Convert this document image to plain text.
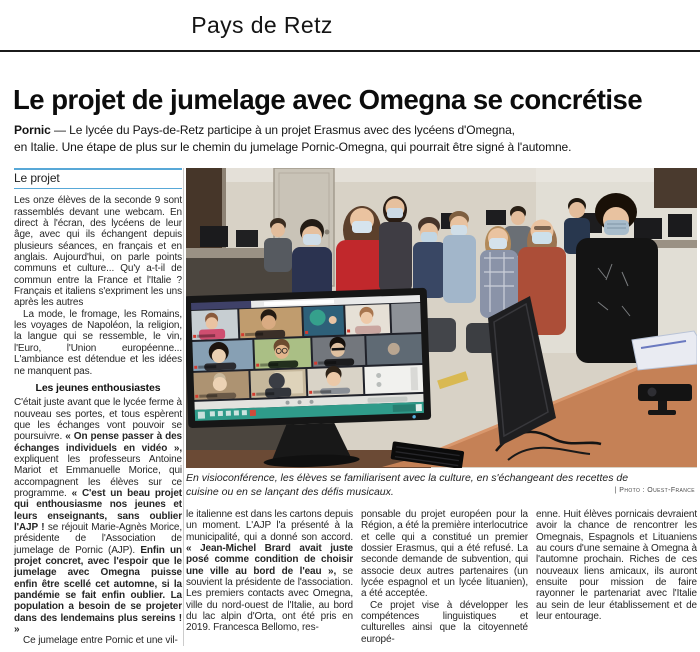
Pays de Retz
Le projet de jumelage avec Omegna se concrétise

Pornic — Le lycée du Pays-de-Retz participe à un projet Erasmus avec des lycéens d'Omegna,
en Italie. Une étape de plus sur le chemin du jumelage Pornic-Omegna, qui pourrait être signé à l'automne.

Le projet

Les onze élèves de la seconde 9 sont rassemblés devant une webcam. En direct à l'écran, des lycéens de leur âge, avec qui ils échangent depuis plusieurs séances, en français et en anglais. Aujourd'hui, on parle points communs et culture... Qu'y a-t-il de commun entre la France et l'Italie ? Français et italiens s'expriment les uns après les autres

La mode, le fromage, les Romains, les voyages de Napoléon, la religion, la langue qui se ressemble, le vin, l'Euro, l'Union européenne... L'ambiance est détendue et les idées ne manquent pas.

Les jeunes enthousiastes

C'était juste avant que le lycée ferme à nouveau ses portes, et tous espèrent que les échanges vont pouvoir se poursuivre. « On pense passer à des échanges individuels en vidéo », expliquent les professeurs Antoine Mariot et Emmanuelle Morice, qui accompagnent les élèves sur ce programme. « C'est un beau projet qui enthousiasme nos jeunes et leurs enseignants, sans oublier l'AJP ! se réjouit Marie-Agnès Morice, présidente de l'Association de jumelage de Pornic (AJP). Enfin un projet concret, avec l'espoir que le jumelage avec Omegna puisse enfin être scellé cet automne, si la pandémie se fait enfin oublier. La population a besoin de se projeter dans des lendemains plus sereins ! »

Ce jumelage entre Pornic et une vil-

En visioconférence, les élèves se familiarisent avec la culture, en s'échangeant des recettes de cuisine ou en se lançant des défis musicaux.	| Photo : Ouest-France

le italienne est dans les cartons depuis un moment. L'AJP l'a présenté à la municipalité, qui a donné son accord. « Jean-Michel Brard avait juste posé comme condition de choisir une ville au bord de l'eau », se souvient la présidente de l'association. Les premiers contacts avec Omegna, ville du nord-ouest de l'Italie, au bord du lac alpin d'Orta, ont été pris en 2019. Francesca Bellomo, res-

ponsable du projet européen pour la Région, a été la première interlocutrice et celle qui a constitué un premier dossier Erasmus, qui a été refusé. La seconde demande de subvention, qui associe deux autres partenaires (un lycée espagnol et un lycée lituanien), a été acceptée.

Ce projet vise à développer les compétences linguistiques et culturelles ainsi que la citoyenneté europé-

enne. Huit élèves pornicais devraient avoir la chance de rencontrer les Omegnais, Espagnols et Lituaniens au cours d'une semaine à Omegna à l'automne prochain. Riches de ces nouveaux liens amicaux, ils auront ensuite pour mission de faire rayonner le partenariat avec l'Italie au sein de leur établissement et de leur entourage.
